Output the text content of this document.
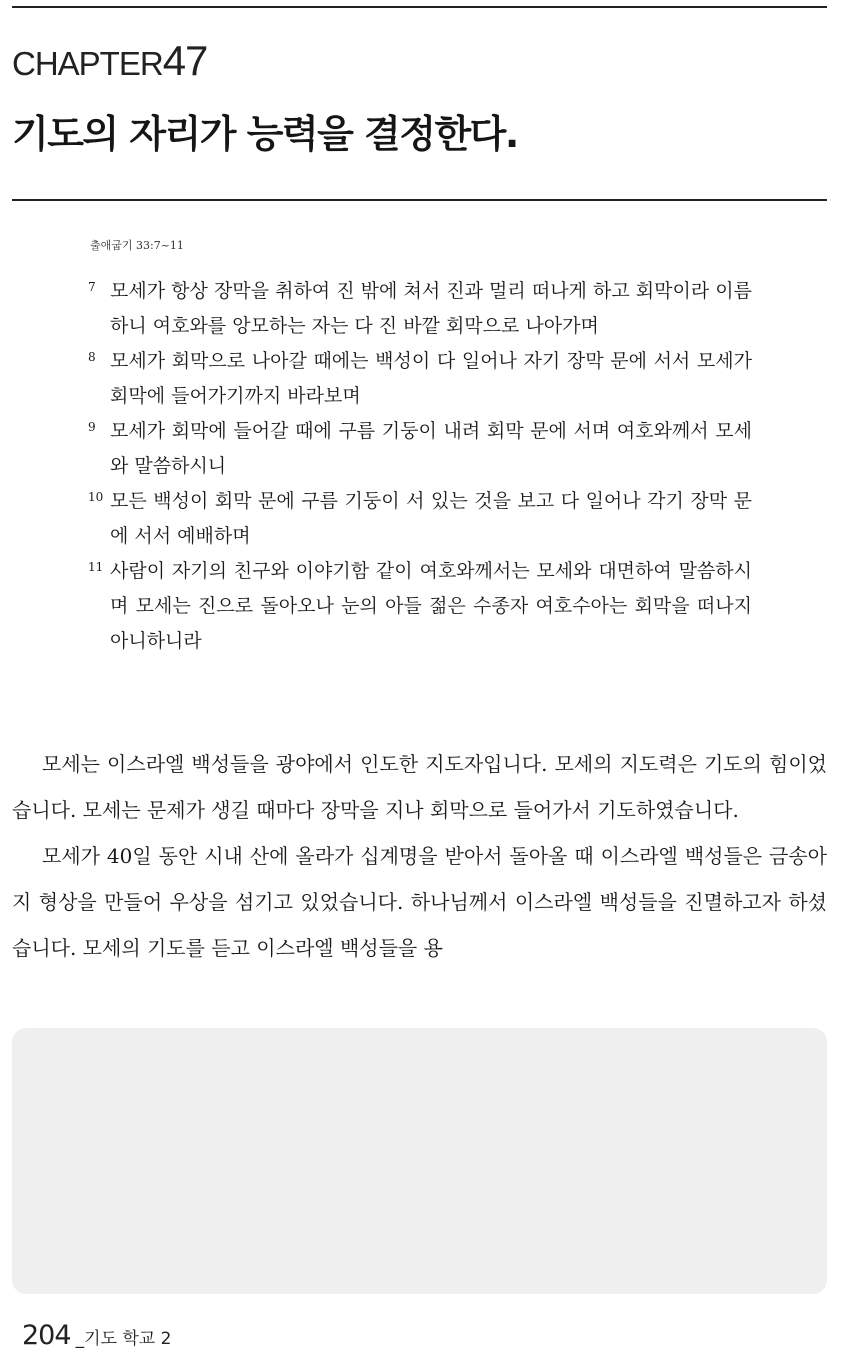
CHAPTER47
기도의 자리가 능력을 결정한다.
출애굽기 33:7~11
7 모세가 항상 장막을 취하여 진 밖에 쳐서 진과 멀리 떠나게 하고 회막이라 이름하니 여호와를 앙모하는 자는 다 진 바깥 회막으로 나아가며
8 모세가 회막으로 나아갈 때에는 백성이 다 일어나 자기 장막 문에 서서 모세가 회막에 들어가기까지 바라보며
9 모세가 회막에 들어갈 때에 구름 기둥이 내려 회막 문에 서며 여호와께서 모세와 말씀하시니
10 모든 백성이 회막 문에 구름 기둥이 서 있는 것을 보고 다 일어나 각기 장막 문에 서서 예배하며
11 사람이 자기의 친구와 이야기함 같이 여호와께서는 모세와 대면하여 말씀하시며 모세는 진으로 돌아오나 눈의 아들 젊은 수종자 여호수아는 회막을 떠나지 아니하니라

모세는 이스라엘 백성들을 광야에서 인도한 지도자입니다. 모세의 지도력은 기도의 힘이었습니다. 모세는 문제가 생길 때마다 장막을 지나 회막으로 들어가서 기도하였습니다.

모세가 40일 동안 시내 산에 올라가 십계명을 받아서 돌아올 때 이스라엘 백성들은 금송아지 형상을 만들어 우상을 섬기고 있었습니다. 하나님께서 이스라엘 백성들을 진멸하고자 하셨습니다. 모세의 기도를 듣고 이스라엘 백성들을 용

204 _기도 학교 2
